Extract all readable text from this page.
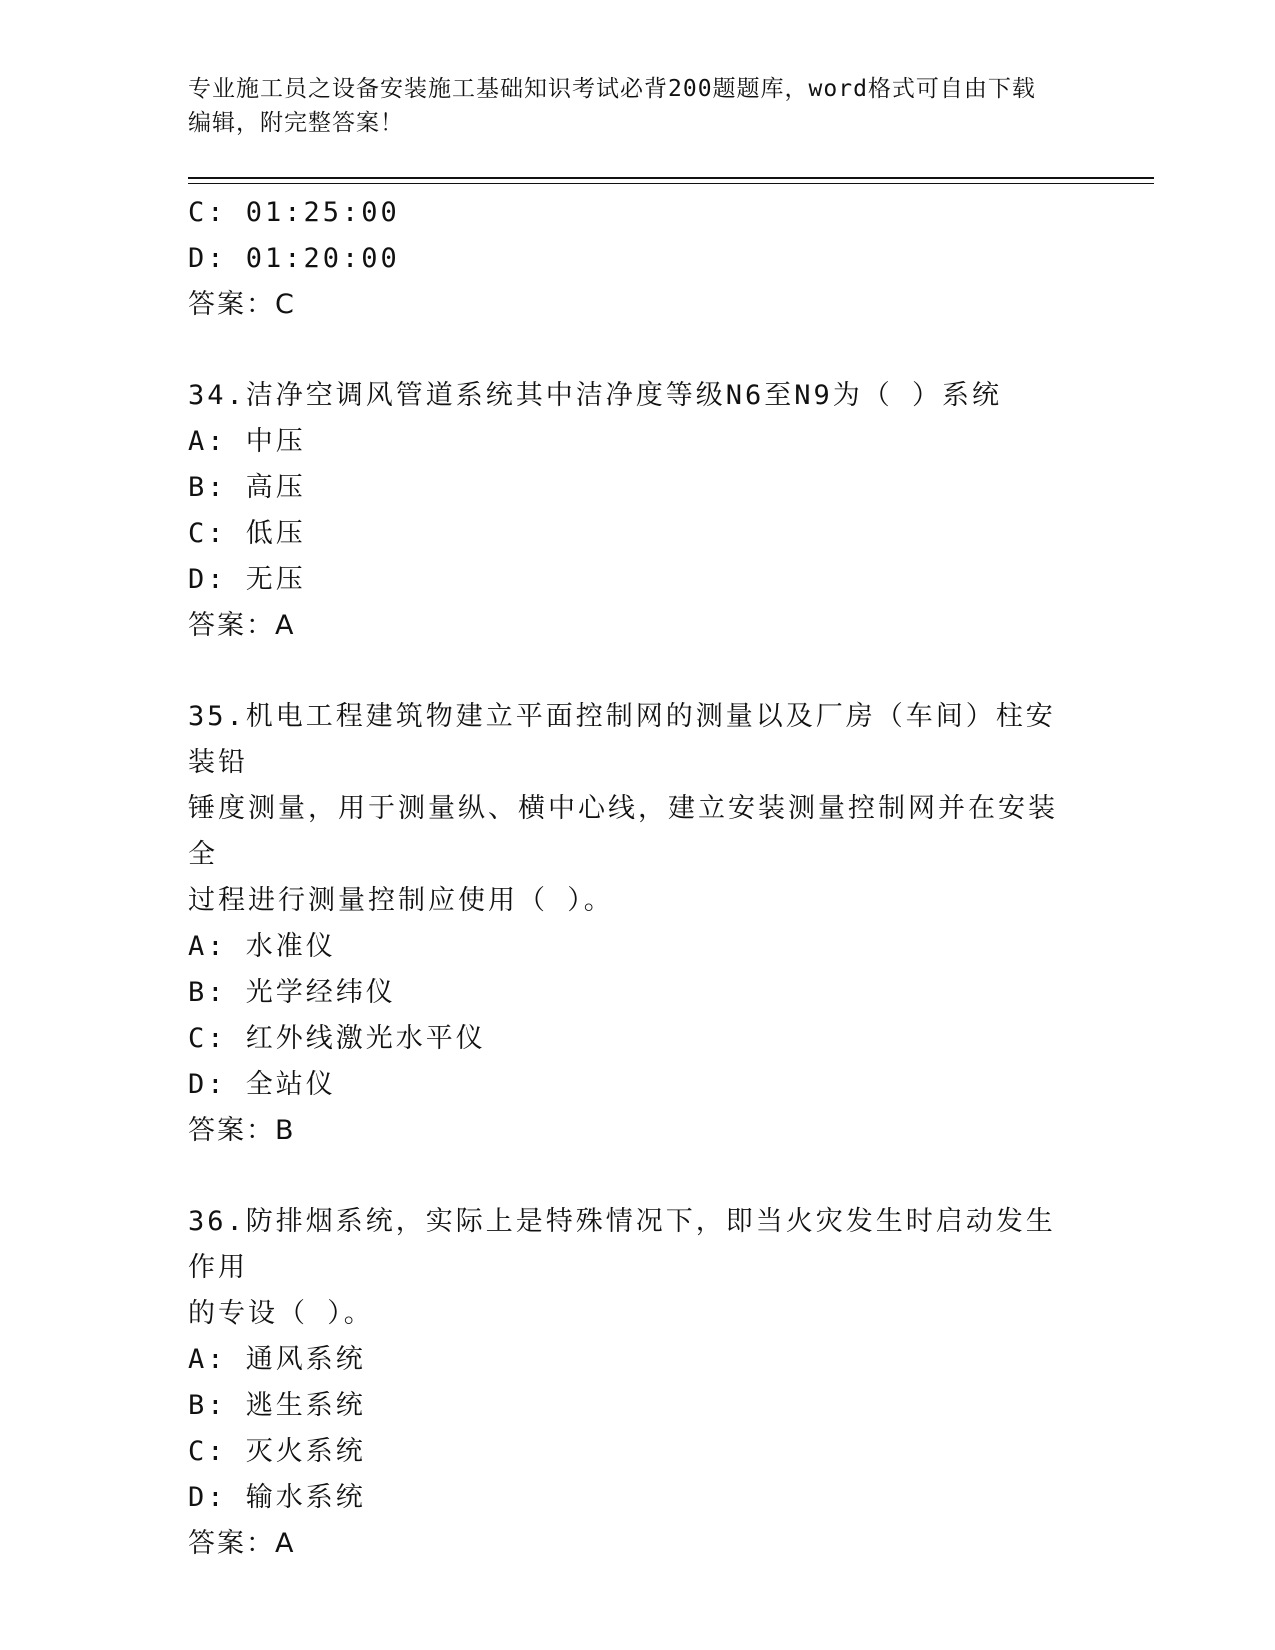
专业施工员之设备安装施工基础知识考试必背200题题库，word格式可自由下载
编辑，附完整答案！
C: 01:25:00
D: 01:20:00
答案：C
34.洁净空调风管道系统其中洁净度等级N6至N9为（ ）系统
A: 中压
B: 高压
C: 低压
D: 无压
答案：A
35.机电工程建筑物建立平面控制网的测量以及厂房（车间）柱安装铅
锤度测量，用于测量纵、横中心线，建立安装测量控制网并在安装全
过程进行测量控制应使用（ ）。
A: 水准仪
B: 光学经纬仪
C: 红外线激光水平仪
D: 全站仪
答案：B
36.防排烟系统，实际上是特殊情况下，即当火灾发生时启动发生作用
的专设（ ）。
A: 通风系统
B: 逃生系统
C: 灭火系统
D: 输水系统
答案：A
